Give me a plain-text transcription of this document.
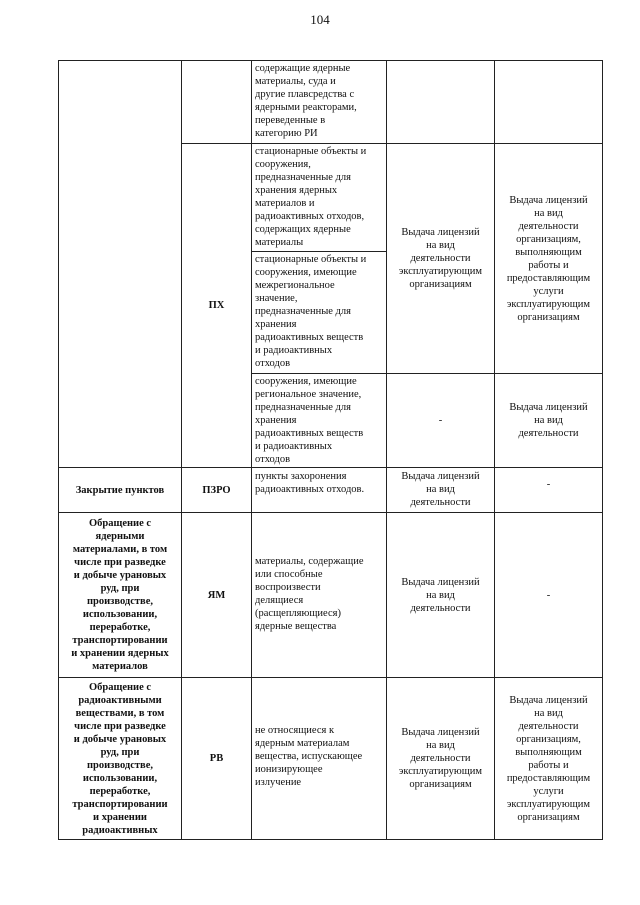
104
содержащие ядерные
материалы, суда и
другие плавсредства с
ядерными реакторами,
переведенные в
категорию РИ
ПХ
стационарные объекты и
сооружения,
предназначенные для
хранения ядерных
материалов и
радиоактивных отходов,
содержащих ядерные
материалы
стационарные объекты и
сооружения, имеющие
межрегиональное
значение,
предназначенные для
хранения
радиоактивных веществ
и радиоактивных
отходов
Выдача лицензий
на вид
деятельности
эксплуатирующим
организациям
Выдача лицензий
на вид
деятельности
организациям,
выполняющим
работы и
предоставляющим
услуги
эксплуатирующим
организациям
сооружения, имеющие
региональное значение,
предназначенные для
хранения
радиоактивных веществ
и радиоактивных
отходов
-
Выдача лицензий
на вид
деятельности
Закрытие пунктов	ПЗРО
пункты захоронения
радиоактивных отходов.
Выдача лицензий
на вид
деятельности
-
Обращение с
ядерными
материалами, в том
числе при разведке
и добыче урановых
руд, при
производстве,
использовании,
переработке,
транспортировании
и хранении ядерных
материалов
ЯМ
материалы, содержащие
или способные
воспроизвести
делящиеся
(расщепляющиеся)
ядерные вещества
Выдача лицензий
на вид
деятельности
-
Обращение с
радиоактивными
веществами, в том
числе при разведке
и добыче урановых
руд, при
производстве,
использовании,
переработке,
транспортировании
и хранении
радиоактивных
РВ
не относящиеся к
ядерным материалам
вещества, испускающее
ионизирующее
излучение
Выдача лицензий
на вид
деятельности
эксплуатирующим
организациям
Выдача лицензий
на вид
деятельности
организациям,
выполняющим
работы и
предоставляющим
услуги
эксплуатирующим
организациям
